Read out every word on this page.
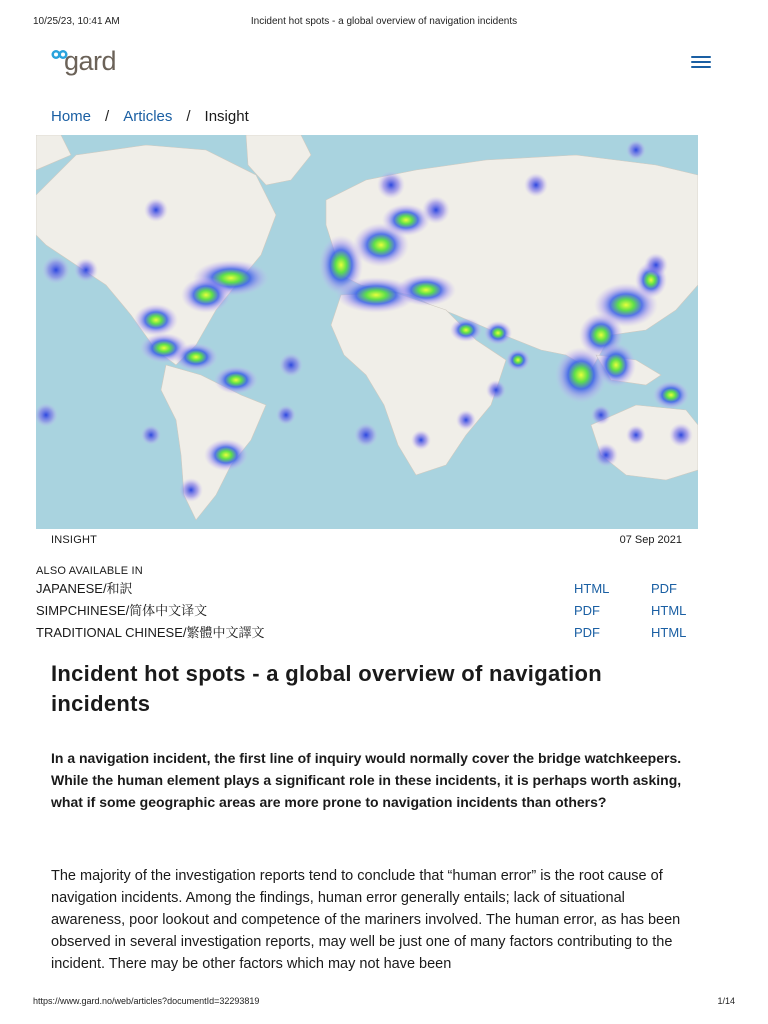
10/25/23, 10:41 AM	Incident hot spots - a global overview of navigation incidents
gard
Home / Articles / Insight
INSIGHT	07 Sep 2021
ALSO AVAILABLE IN
JAPANESE/和訳	HTML	PDF
SIMPCHINESE/简体中文译文	PDF	HTML
TRADITIONAL CHINESE/繁體中文譯文	PDF	HTML
Incident hot spots - a global overview of navigation incidents

In a navigation incident, the first line of inquiry would normally cover the bridge watchkeepers. While the human element plays a significant role in these incidents, it is perhaps worth asking, what if some geographic areas are more prone to navigation incidents than others?

The majority of the investigation reports tend to conclude that “human error” is the root cause of navigation incidents. Among the findings, human error generally entails; lack of situational awareness, poor lookout and competence of the mariners involved. The human error, as has been observed in several investigation reports, may well be just one of many factors contributing to the incident. There may be other factors which may not have been

https://www.gard.no/web/articles?documentId=32293819	1/14
